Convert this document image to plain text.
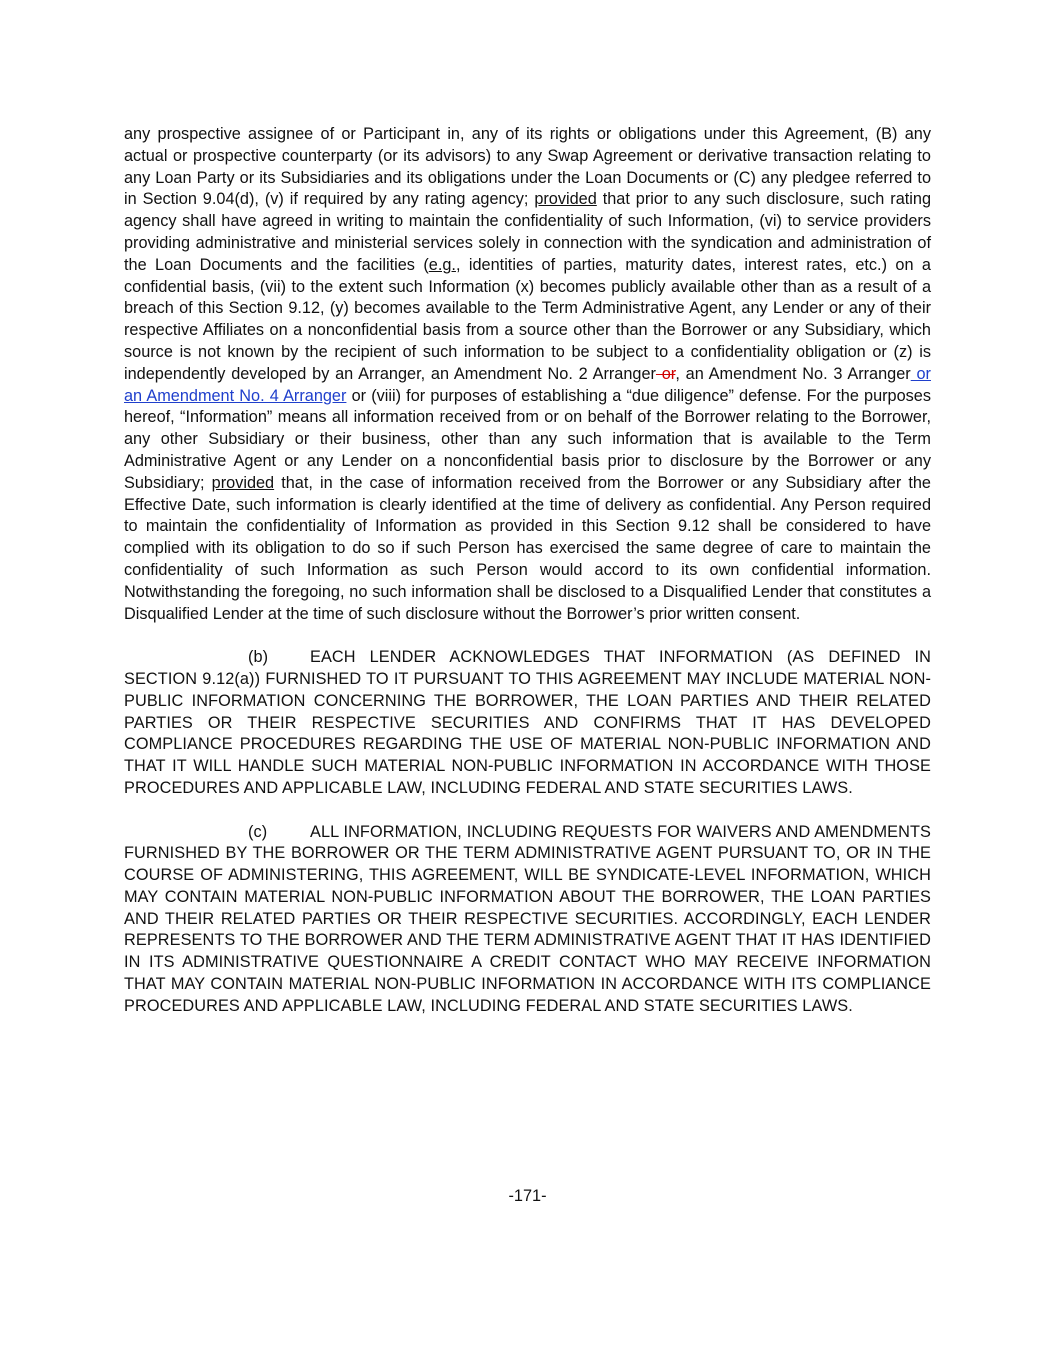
any prospective assignee of or Participant in, any of its rights or obligations under this Agreement, (B) any actual or prospective counterparty (or its advisors) to any Swap Agreement or derivative transaction relating to any Loan Party or its Subsidiaries and its obligations under the Loan Documents or (C) any pledgee referred to in Section 9.04(d), (v) if required by any rating agency; provided that prior to any such disclosure, such rating agency shall have agreed in writing to maintain the confidentiality of such Information, (vi) to service providers providing administrative and ministerial services solely in connection with the syndication and administration of the Loan Documents and the facilities (e.g., identities of parties, maturity dates, interest rates, etc.) on a confidential basis, (vii) to the extent such Information (x) becomes publicly available other than as a result of a breach of this Section 9.12, (y) becomes available to the Term Administrative Agent, any Lender or any of their respective Affiliates on a nonconfidential basis from a source other than the Borrower or any Subsidiary, which source is not known by the recipient of such information to be subject to a confidentiality obligation or (z) is independently developed by an Arranger, an Amendment No. 2 Arranger or, an Amendment No. 3 Arranger or an Amendment No. 4 Arranger or (viii) for purposes of establishing a “due diligence” defense. For the purposes hereof, “Information” means all information received from or on behalf of the Borrower relating to the Borrower, any other Subsidiary or their business, other than any such information that is available to the Term Administrative Agent or any Lender on a nonconfidential basis prior to disclosure by the Borrower or any Subsidiary; provided that, in the case of information received from the Borrower or any Subsidiary after the Effective Date, such information is clearly identified at the time of delivery as confidential. Any Person required to maintain the confidentiality of Information as provided in this Section 9.12 shall be considered to have complied with its obligation to do so if such Person has exercised the same degree of care to maintain the confidentiality of such Information as such Person would accord to its own confidential information. Notwithstanding the foregoing, no such information shall be disclosed to a Disqualified Lender that constitutes a Disqualified Lender at the time of such disclosure without the Borrower’s prior written consent.

(b)	EACH LENDER ACKNOWLEDGES THAT INFORMATION (AS DEFINED IN SECTION 9.12(a)) FURNISHED TO IT PURSUANT TO THIS AGREEMENT MAY INCLUDE MATERIAL NON-PUBLIC INFORMATION CONCERNING THE BORROWER, THE LOAN PARTIES AND THEIR RELATED PARTIES OR THEIR RESPECTIVE SECURITIES AND CONFIRMS THAT IT HAS DEVELOPED COMPLIANCE PROCEDURES REGARDING THE USE OF MATERIAL NON-PUBLIC INFORMATION AND THAT IT WILL HANDLE SUCH MATERIAL NON-PUBLIC INFORMATION IN ACCORDANCE WITH THOSE PROCEDURES AND APPLICABLE LAW, INCLUDING FEDERAL AND STATE SECURITIES LAWS.

(c)	ALL INFORMATION, INCLUDING REQUESTS FOR WAIVERS AND AMENDMENTS FURNISHED BY THE BORROWER OR THE TERM ADMINISTRATIVE AGENT PURSUANT TO, OR IN THE COURSE OF ADMINISTERING, THIS AGREEMENT, WILL BE SYNDICATE-LEVEL INFORMATION, WHICH MAY CONTAIN MATERIAL NON-PUBLIC INFORMATION ABOUT THE BORROWER, THE LOAN PARTIES AND THEIR RELATED PARTIES OR THEIR RESPECTIVE SECURITIES. ACCORDINGLY, EACH LENDER REPRESENTS TO THE BORROWER AND THE TERM ADMINISTRATIVE AGENT THAT IT HAS IDENTIFIED IN ITS ADMINISTRATIVE QUESTIONNAIRE A CREDIT CONTACT WHO MAY RECEIVE INFORMATION THAT MAY CONTAIN MATERIAL NON-PUBLIC INFORMATION IN ACCORDANCE WITH ITS COMPLIANCE PROCEDURES AND APPLICABLE LAW, INCLUDING FEDERAL AND STATE SECURITIES LAWS.

-171-
